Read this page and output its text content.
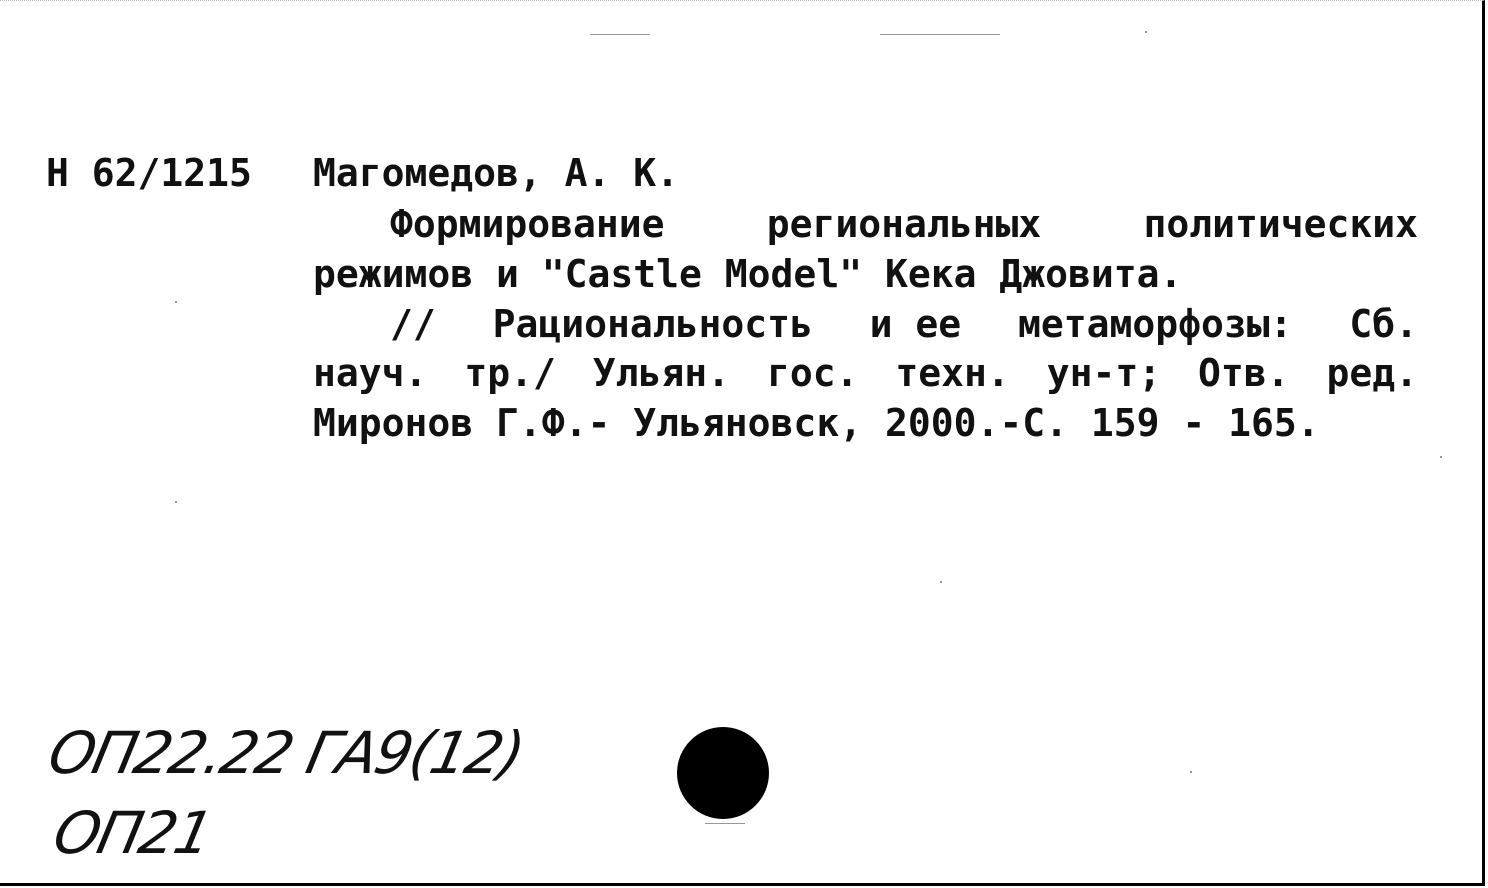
Н 62/1215 Магомедов, А. К.
Формирование	региональных	политических
режимов и "Castle Model" Кека Джовита.
// Рациональность и ее метаморфозы: Сб.
науч. тр./ Ульян. гос. техн. ун-т; Отв. ред.
Миронов Г.Ф.- Ульяновск, 2000.-С. 159 - 165.
ОП22.22 ГА9(12)
ОП21
